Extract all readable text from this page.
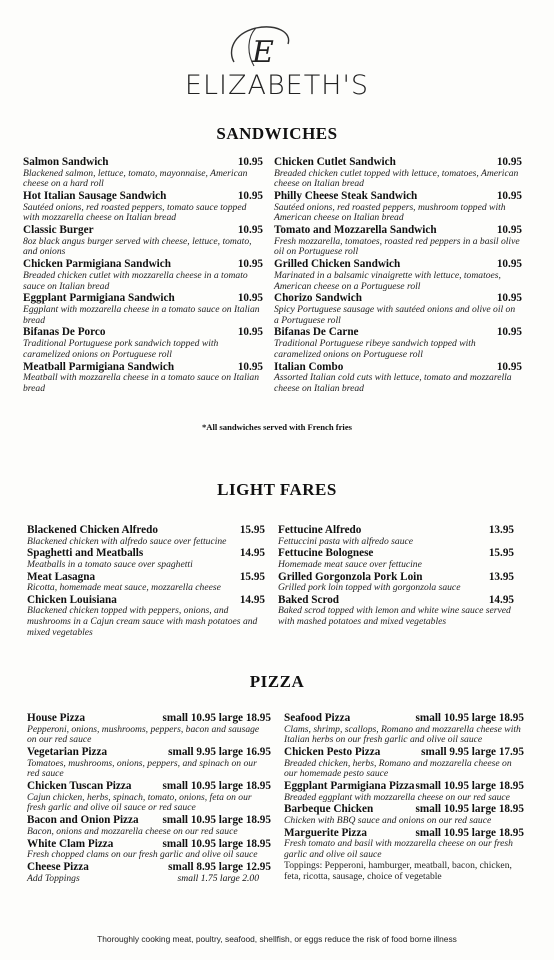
E
ELIZABETH'S
SANDWICHES
Salmon Sandwich	10.95
Blackened salmon, lettuce, tomato, mayonnaise, American cheese on a hard roll
Hot Italian Sausage Sandwich	10.95
Sautéed onions, red roasted peppers, tomato sauce topped with mozzarella cheese on Italian bread
Classic Burger	10.95
8oz black angus burger served with cheese, lettuce, tomato, and onions
Chicken Parmigiana Sandwich	10.95
Breaded chicken cutlet with mozzarella cheese in a tomato sauce on Italian bread
Eggplant Parmigiana Sandwich	10.95
Eggplant with mozzarella cheese in a tomato sauce on Italian bread
Bifanas De Porco	10.95
Traditional Portuguese pork sandwich topped with caramelized onions on Portuguese roll
Meatball Parmigiana Sandwich	10.95
Meatball with mozzarella cheese in a tomato sauce on Italian bread
Chicken Cutlet Sandwich	10.95
Breaded chicken cutlet topped with lettuce, tomatoes, American cheese on Italian bread
Philly Cheese Steak Sandwich	10.95
Sautéed onions, red roasted peppers, mushroom topped with American cheese on Italian bread
Tomato and Mozzarella Sandwich	10.95
Fresh mozzarella, tomatoes, roasted red peppers in a basil olive oil on Portuguese roll
Grilled Chicken Sandwich	10.95
Marinated in a balsamic vinaigrette with lettuce, tomatoes, American cheese on a Portuguese roll
Chorizo Sandwich	10.95
Spicy Portuguese sausage with sautéed onions and olive oil on a Portuguese roll
Bifanas De Carne	10.95
Traditional Portuguese ribeye sandwich topped with caramelized onions on Portuguese roll
Italian Combo	10.95
Assorted Italian cold cuts with lettuce, tomato and mozzarella cheese on Italian bread
*All sandwiches served with French fries
LIGHT FARES
Blackened Chicken Alfredo	15.95
Blackened chicken with alfredo sauce over fettucine
Spaghetti and Meatballs	14.95
Meatballs in a tomato sauce over spaghetti
Meat Lasagna	15.95
Ricotta, homemade meat sauce, mozzarella cheese
Chicken Louisiana	14.95
Blackened chicken topped with peppers, onions, and mushrooms in a Cajun cream sauce with mash potatoes and mixed vegetables
Fettucine Alfredo	13.95
Fettuccini pasta with alfredo sauce
Fettucine Bolognese	15.95
Homemade meat sauce over fettucine
Grilled Gorgonzola Pork Loin	13.95
Grilled pork loin topped with gorgonzola sauce
Baked Scrod	14.95
Baked scrod topped with lemon and white wine sauce served with mashed potatoes and mixed vegetables
PIZZA
House Pizza	small 10.95 large 18.95
Pepperoni, onions, mushrooms, peppers, bacon and sausage on our red sauce
Vegetarian Pizza	small 9.95 large 16.95
Tomatoes, mushrooms, onions, peppers, and spinach on our red sauce
Chicken Tuscan Pizza	small 10.95 large 18.95
Cajun chicken, herbs, spinach, tomato, onions, feta on our fresh garlic and olive oil sauce or red sauce
Bacon and Onion Pizza small 10.95 large 18.95
Bacon, onions and mozzarella cheese on our red sauce
White Clam Pizza	small 10.95 large 18.95
Fresh chopped clams on our fresh garlic and olive oil sauce
Cheese Pizza	small 8.95 large 12.95
Add Toppings	small 1.75 large 2.00
Seafood Pizza	small 10.95 large 18.95
Clams, shrimp, scallops, Romano and mozzarella cheese with Italian herbs on our fresh garlic and olive oil sauce
Chicken Pesto Pizza	small 9.95 large 17.95
Breaded chicken, herbs, Romano and mozzarella cheese on our homemade pesto sauce
Eggplant Parmigiana Pizza small 10.95 large 18.95
Breaded eggplant with mozzarella cheese on our red sauce
Barbeque Chicken	small 10.95 large 18.95
Chicken with BBQ sauce and onions on our red sauce
Marguerite Pizza	small 10.95 large 18.95
Fresh tomato and basil with mozzarella cheese on our fresh garlic and olive oil sauce
Toppings: Pepperoni, hamburger, meatball, bacon, chicken, feta, ricotta, sausage, choice of vegetable
Thoroughly cooking meat, poultry, seafood, shellfish, or eggs reduce the risk of food borne illness
